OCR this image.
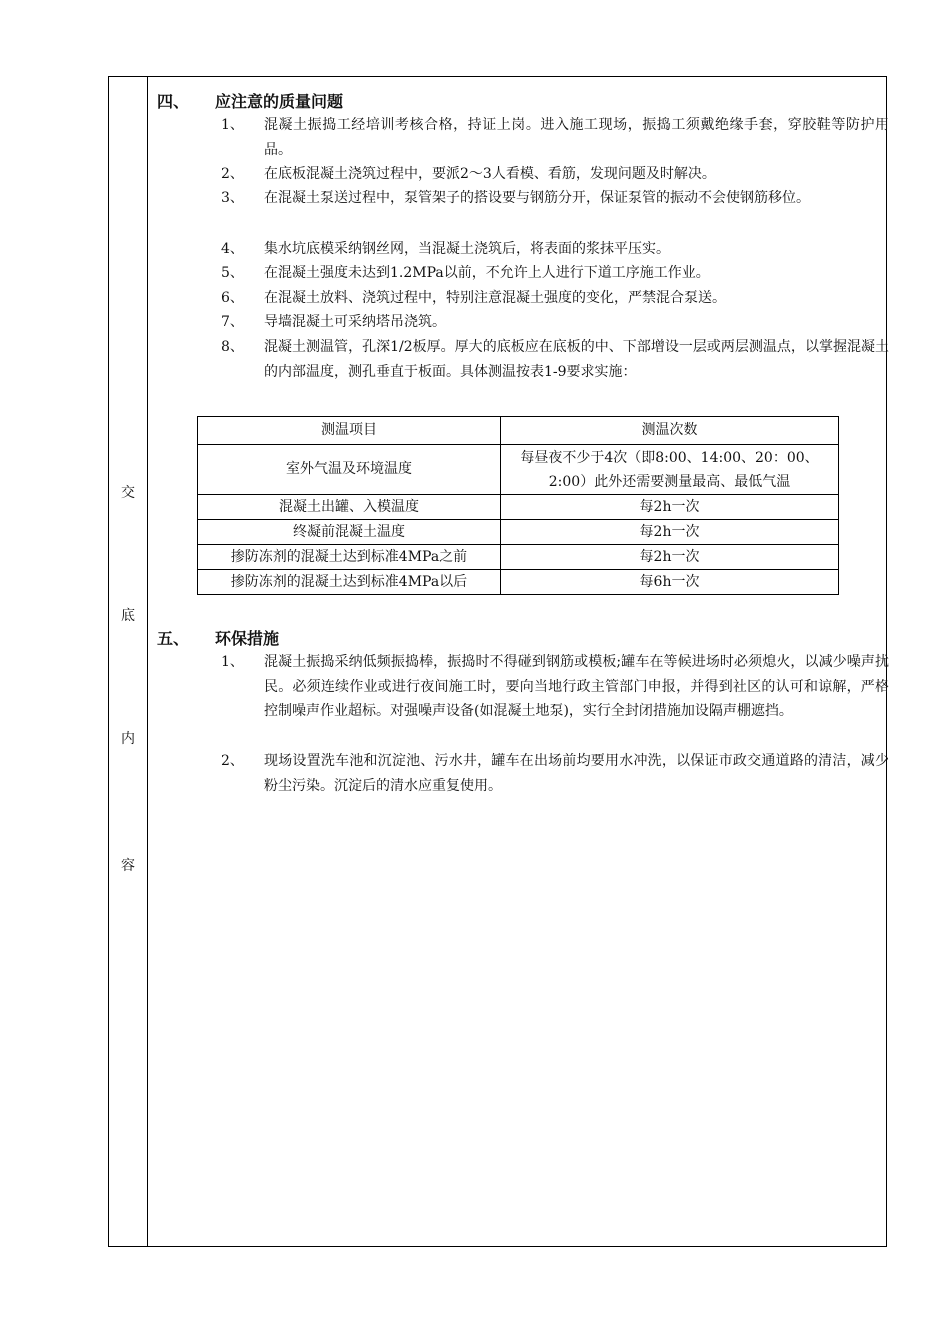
交
底
内
容
四、 应注意的质量问题
1、 混凝土振捣工经培训考核合格，持证上岗。进入施工现场，振捣工须戴绝缘手套，穿胶鞋等防护用品。
2、 在底板混凝土浇筑过程中，要派2～3人看模、看筋，发现问题及时解决。
3、 在混凝土泵送过程中，泵管架子的搭设要与钢筋分开，保证泵管的振动不会使钢筋移位。
4、 集水坑底模采纳钢丝网，当混凝土浇筑后，将表面的浆抹平压实。
5、 在混凝土强度未达到1.2MPa以前，不允许上人进行下道工序施工作业。
6、 在混凝土放料、浇筑过程中，特别注意混凝土强度的变化，严禁混合泵送。
7、 导墙混凝土可采纳塔吊浇筑。
8、 混凝土测温管，孔深1/2板厚。厚大的底板应在底板的中、下部增设一层或两层测温点，以掌握混凝土的内部温度，测孔垂直于板面。具体测温按表1-9要求实施：
测温项目	测温次数
室外气温及环境温度	每昼夜不少于4次（即8:00、14:00、20：00、2:00）此外还需要测量最高、最低气温
混凝土出罐、入模温度	每2h一次
终凝前混凝土温度	每2h一次
掺防冻剂的混凝土达到标准4MPa之前	每2h一次
掺防冻剂的混凝土达到标准4MPa以后	每6h一次
五、 环保措施
1、 混凝土振捣采纳低频振捣棒，振捣时不得碰到钢筋或模板;罐车在等候进场时必须熄火，以减少噪声扰民。必须连续作业或进行夜间施工时，要向当地行政主管部门申报，并得到社区的认可和谅解，严格控制噪声作业超标。对强噪声设备(如混凝土地泵)，实行全封闭措施加设隔声棚遮挡。
2、 现场设置洗车池和沉淀池、污水井，罐车在出场前均要用水冲洗，以保证市政交通道路的清洁，减少粉尘污染。沉淀后的清水应重复使用。
